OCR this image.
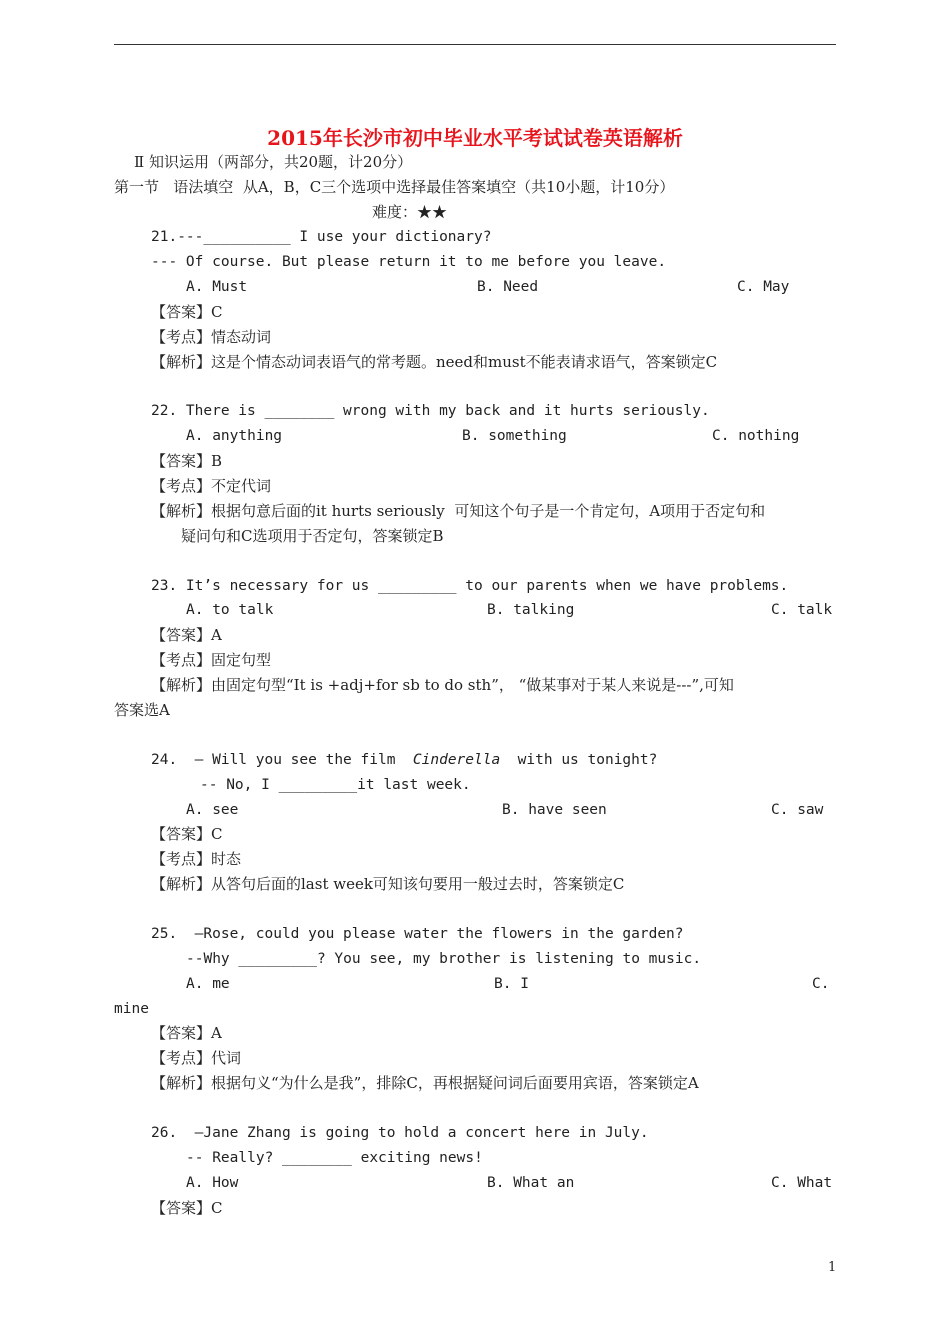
2015年长沙市初中毕业水平考试试卷英语解析
Ⅱ 知识运用（两部分，共20题，计20分）
第一节   语法填空  从A，B，C三个选项中选择最佳答案填空（共10小题，计10分）
难度：★★
21.---__________ I use your dictionary?
--- Of course. But please return it to me before you leave.
A. Must	B. Need	C. May
【答案】C
【考点】情态动词
【解析】这是个情态动词表语气的常考题。need和must不能表请求语气，答案锁定C
22. There is ________ wrong with my back and it hurts seriously.
A. anything	B. something	C. nothing
【答案】B
【考点】不定代词
【解析】根据句意后面的it hurts seriously  可知这个句子是一个肯定句，A项用于否定句和
疑问句和C选项用于否定句，答案锁定B
23. It’s necessary for us _________ to our parents when we have problems.
A. to talk	B. talking	C. talk
【答案】A
【考点】固定句型
【解析】由固定句型“It is +adj+for sb to do sth”， “做某事对于某人来说是---”,可知
答案选A
24.  – Will you see the film  Cinderella  with us tonight?
-- No, I _________it last week.
A. see	B. have seen	C. saw
【答案】C
【考点】时态
【解析】从答句后面的last week可知该句要用一般过去时，答案锁定C
25.  –Rose, could you please water the flowers in the garden?
--Why _________? You see, my brother is listening to music.
A. me	B. I	C.
mine
【答案】A
【考点】代词
【解析】根据句义“为什么是我”，排除C，再根据疑问词后面要用宾语，答案锁定A
26.  –Jane Zhang is going to hold a concert here in July.
-- Really? ________ exciting news!
A. How	B. What an	C. What
【答案】C
1
